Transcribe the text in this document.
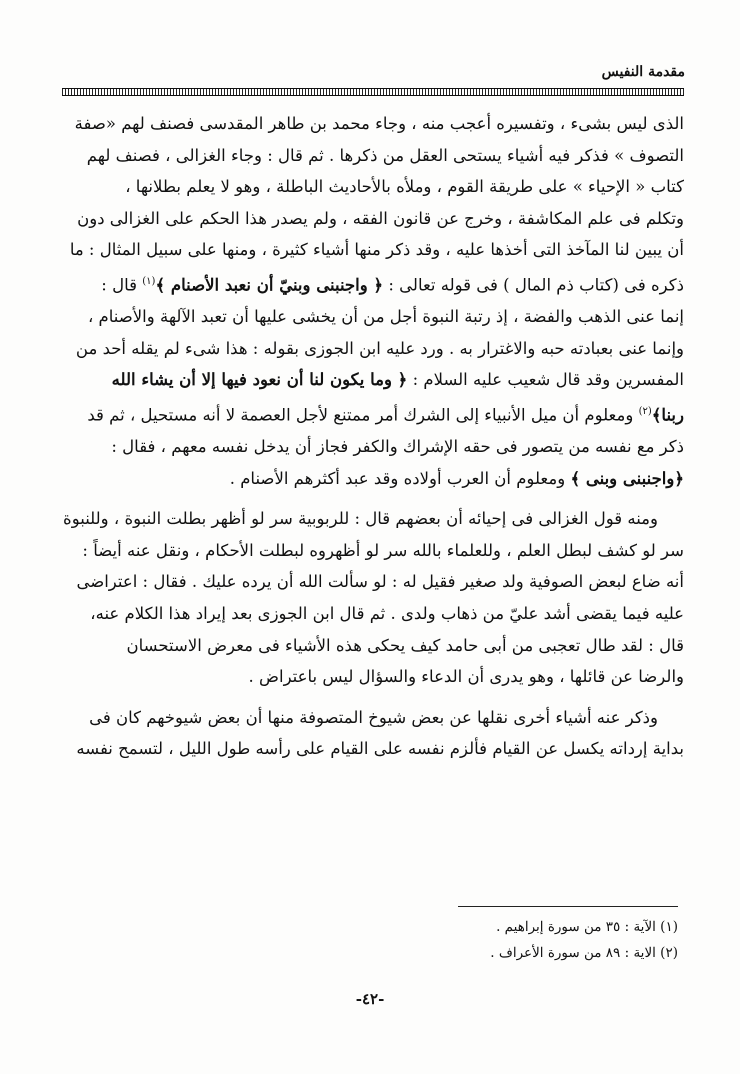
مقدمة النفيس

الذى ليس بشىء ، وتفسيره أعجب منه ، وجاء محمد بن طاهر المقدسى فصنف لهم «صفة

التصوف » فذكر فيه أشياء يستحى العقل من ذكرها . ثم قال : وجاء الغزالى ، فصنف لهم

كتاب « الإحياء » على طريقة القوم ، وملأه بالأحاديث الباطلة ، وهو لا يعلم بطلانها ،

وتكلم فى علم المكاشفة ، وخرج عن قانون الفقه ، ولم يصدر هذا الحكم على الغزالى دون

أن يبين لنا المآخذ التى أخذها عليه ، وقد ذكر منها أشياء كثيرة ، ومنها على سبيل المثال : ما

ذكره فى (كتاب ذم المال ) فى قوله تعالى : ﴿ واجنبنى وبنيّ أن نعبد الأصنام ﴾$^{(١)}$ قال :

إنما عنى الذهب والفضة ، إذ رتبة النبوة أجل من أن يخشى عليها أن تعبد الآلهة والأصنام ،

وإنما عنى بعبادته حبه والاغترار به . ورد عليه ابن الجوزى بقوله : هذا شىء لم يقله أحد من

المفسرين وقد قال شعيب عليه السلام : ﴿ وما يكون لنا أن نعود فيها إلا أن يشاء الله

ربنا﴾$^{(٢)}$ ومعلوم أن ميل الأنبياء إلى الشرك أمر ممتنع لأجل العصمة لا أنه مستحيل ، ثم قد

ذكر مع نفسه من يتصور فى حقه الإشراك والكفر فجاز أن يدخل نفسه معهم ، فقال :

﴿واجنبنى وبنى ﴾ ومعلوم أن العرب أولاده وقد عبد أكثرهم الأصنام .

ومنه قول الغزالى فى إحيائه أن بعضهم قال : للربوبية سر لو أظهر بطلت النبوة ، وللنبوة

سر لو كشف لبطل العلم ، وللعلماء بالله سر لو أظهروه لبطلت الأحكام ، ونقل عنه أيضاً :

أنه ضاع لبعض الصوفية ولد صغير فقيل له : لو سألت الله أن يرده عليك . فقال : اعتراضى

عليه فيما يقضى أشد عليّ من ذهاب ولدى . ثم قال ابن الجوزى بعد إيراد هذا الكلام عنه،

قال : لقد طال تعجبى من أبى حامد كيف يحكى هذه الأشياء فى معرض الاستحسان

والرضا عن قائلها ، وهو يدرى أن الدعاء والسؤال ليس باعتراض .

وذكر عنه أشياء أخرى نقلها عن بعض شيوخ المتصوفة منها أن بعض شيوخهم كان فى

بداية إرداته يكسل عن القيام فألزم نفسه على القيام على رأسه طول الليل ، لتسمح نفسه

(١) الآية : ٣٥ من سورة إبراهيم .

(٢) الاية : ٨٩ من سورة الأعراف .

-٤٢-
